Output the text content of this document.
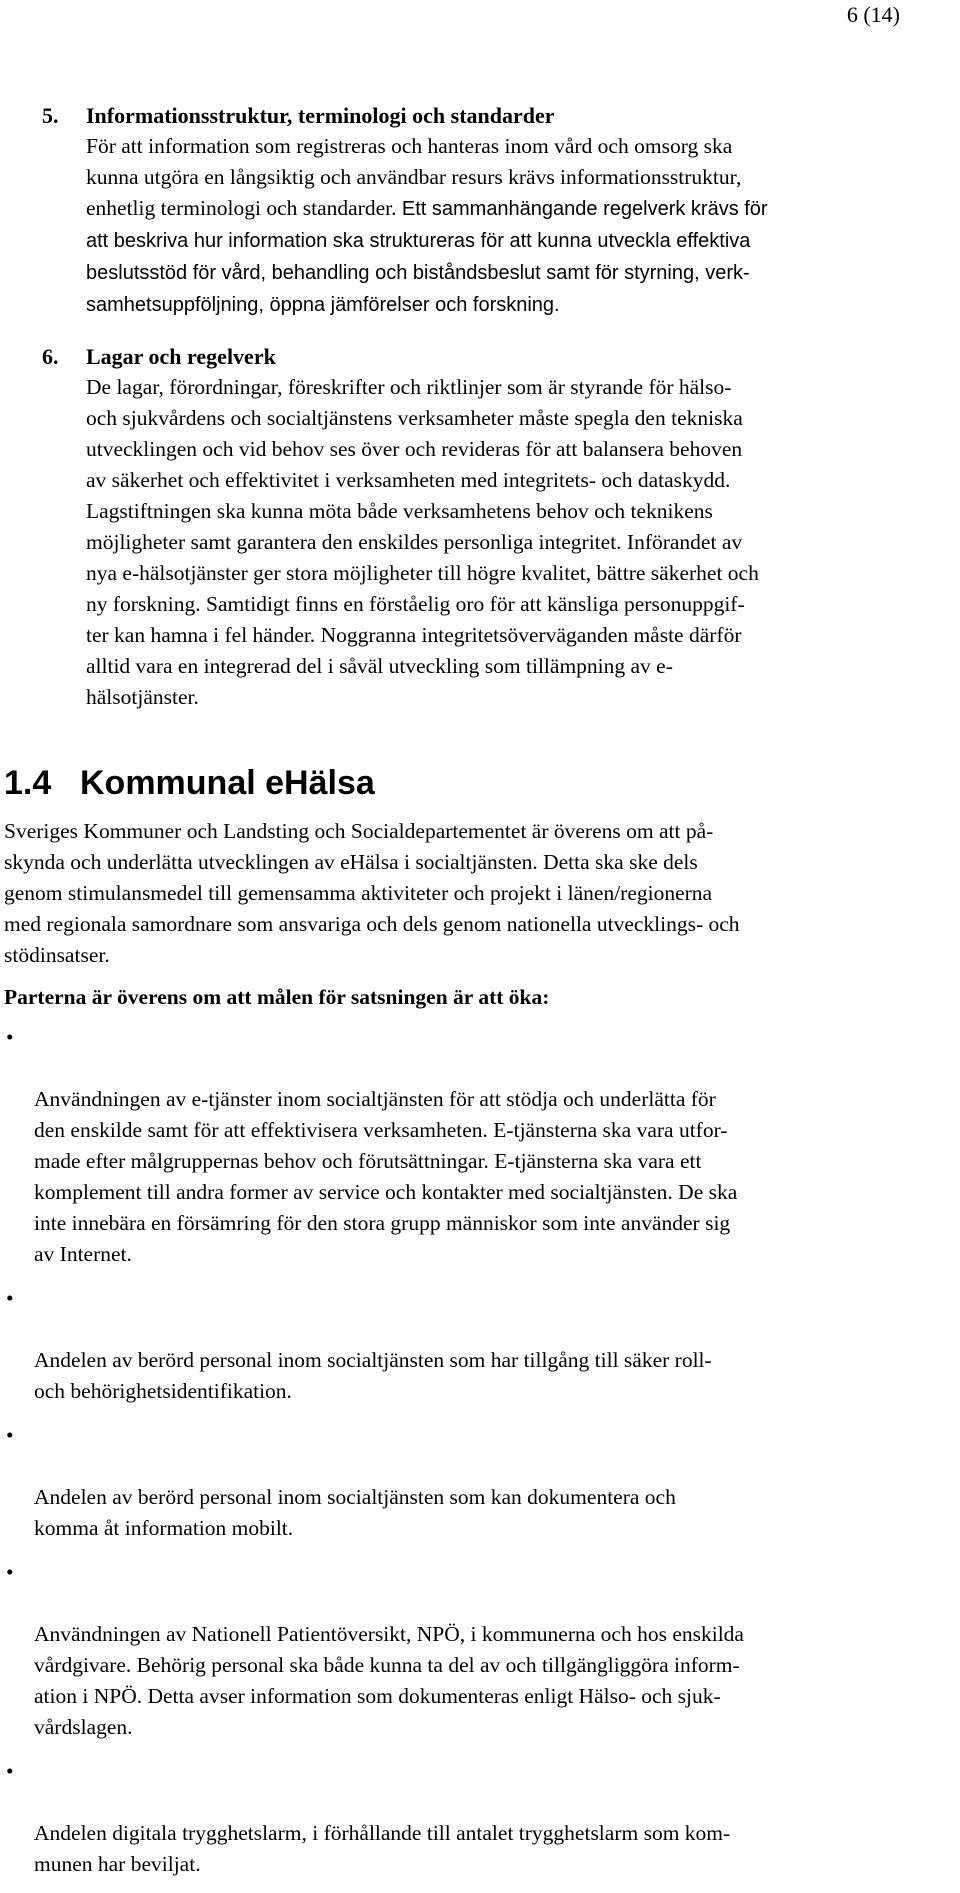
6 (14)
5. Informationsstruktur, terminologi och standarder
För att information som registreras och hanteras inom vård och omsorg ska
kunna utgöra en långsiktig och användbar resurs krävs informationsstruktur,
enhetlig terminologi och standarder. Ett sammanhängande regelverk krävs för
att beskriva hur information ska struktureras för att kunna utveckla effektiva
beslutsstöd för vård, behandling och biståndsbeslut samt för styrning, verk-
samhetsuppföljning, öppna jämförelser och forskning.
6. Lagar och regelverk
De lagar, förordningar, föreskrifter och riktlinjer som är styrande för hälso-
och sjukvårdens och socialtjänstens verksamheter måste spegla den tekniska
utvecklingen och vid behov ses över och revideras för att balansera behoven
av säkerhet och effektivitet i verksamheten med integritets- och dataskydd.
Lagstiftningen ska kunna möta både verksamhetens behov och teknikens
möjligheter samt garantera den enskildes personliga integritet. Införandet av
nya e-hälsotjänster ger stora möjligheter till högre kvalitet, bättre säkerhet och
ny forskning. Samtidigt finns en förståelig oro för att känsliga personuppgif-
ter kan hamna i fel händer. Noggranna integritetsöverväganden måste därför
alltid vara en integrerad del i såväl utveckling som tillämpning av e-
hälsotjänster.
1.4 Kommunal eHälsa
Sveriges Kommuner och Landsting och Socialdepartementet är överens om att på-
skynda och underlätta utvecklingen av eHälsa i socialtjänsten. Detta ska ske dels
genom stimulansmedel till gemensamma aktiviteter och projekt i länen/regionerna
med regionala samordnare som ansvariga och dels genom nationella utvecklings- och
stödinsatser.
Parterna är överens om att målen för satsningen är att öka:

•

Användningen av e-tjänster inom socialtjänsten för att stödja och underlätta för
den enskilde samt för att effektivisera verksamheten. E-tjänsterna ska vara utfor-
made efter målgruppernas behov och förutsättningar. E-tjänsterna ska vara ett
komplement till andra former av service och kontakter med socialtjänsten. De ska
inte innebära en försämring för den stora grupp människor som inte använder sig
av Internet.

•

Andelen av berörd personal inom socialtjänsten som har tillgång till säker roll-
och behörighetsidentifikation.

•

Andelen av berörd personal inom socialtjänsten som kan dokumentera och
komma åt information mobilt.

•

Användningen av Nationell Patientöversikt, NPÖ, i kommunerna och hos enskilda
vårdgivare. Behörig personal ska både kunna ta del av och tillgängliggöra inform-
ation i NPÖ. Detta avser information som dokumenteras enligt Hälso- och sjuk-
vårdslagen.

•

Andelen digitala trygghetslarm, i förhållande till antalet trygghetslarm som kom-
munen har beviljat.
